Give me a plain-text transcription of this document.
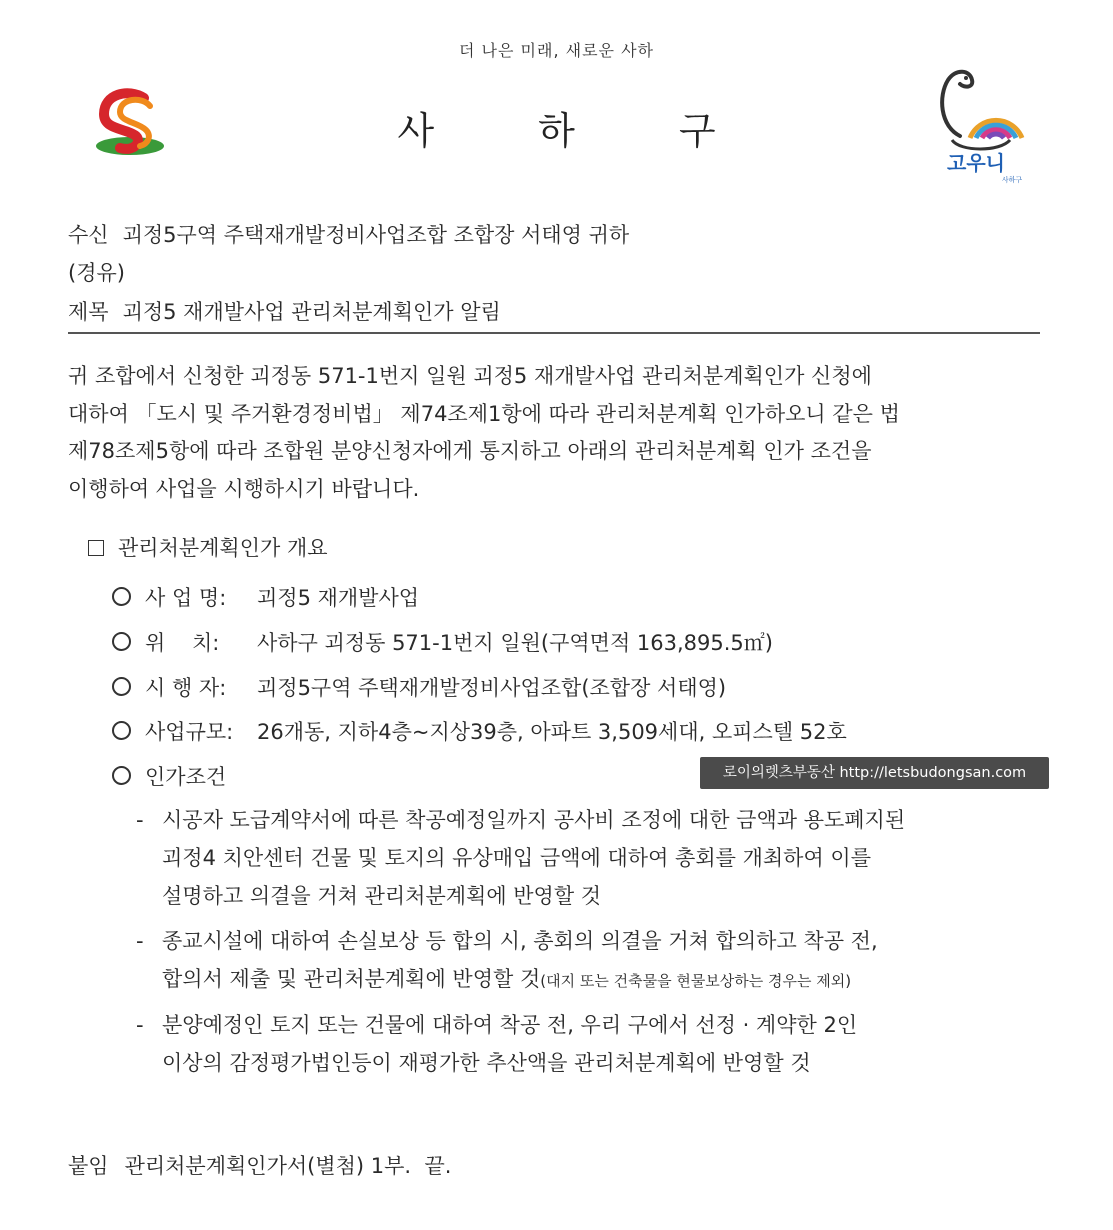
더 나은 미래, 새로운 사하
사	하	구
고우니
사하구
수신 괴정5구역 주택재개발정비사업조합 조합장 서태영 귀하
(경유)
제목 괴정5 재개발사업 관리처분계획인가 알림
귀 조합에서 신청한 괴정동 571-1번지 일원 괴정5 재개발사업 관리처분계획인가 신청에
대하여 「도시 및 주거환경정비법」 제74조제1항에 따라 관리처분계획 인가하오니 같은 법
제78조제5항에 따라 조합원 분양신청자에게 통지하고 아래의 관리처분계획 인가 조건을
이행하여 사업을 시행하시기 바랍니다.
관리처분계획인가 개요
사 업 명: 괴정5 재개발사업
위    치: 사하구 괴정동 571-1번지 일원(구역면적 163,895.5㎡)
시 행 자: 괴정5구역 주택재개발정비사업조합(조합장 서태영)
사업규모: 26개동, 지하4층~지상39층, 아파트 3,509세대, 오피스텔 52호
인가조건
- 시공자 도급계약서에 따른 착공예정일까지 공사비 조정에 대한 금액과 용도폐지된
괴정4 치안센터 건물 및 토지의 유상매입 금액에 대하여 총회를 개최하여 이를
설명하고 의결을 거쳐 관리처분계획에 반영할 것
- 종교시설에 대하여 손실보상 등 합의 시, 총회의 의결을 거쳐 합의하고 착공 전,
합의서 제출 및 관리처분계획에 반영할 것(대지 또는 건축물을 현물보상하는 경우는 제외)
- 분양예정인 토지 또는 건물에 대하여 착공 전, 우리 구에서 선정 · 계약한 2인
이상의 감정평가법인등이 재평가한 추산액을 관리처분계획에 반영할 것
로이의렛츠부동산 http://letsbudongsan.com
붙임 관리처분계획인가서(별첨) 1부.  끝.
